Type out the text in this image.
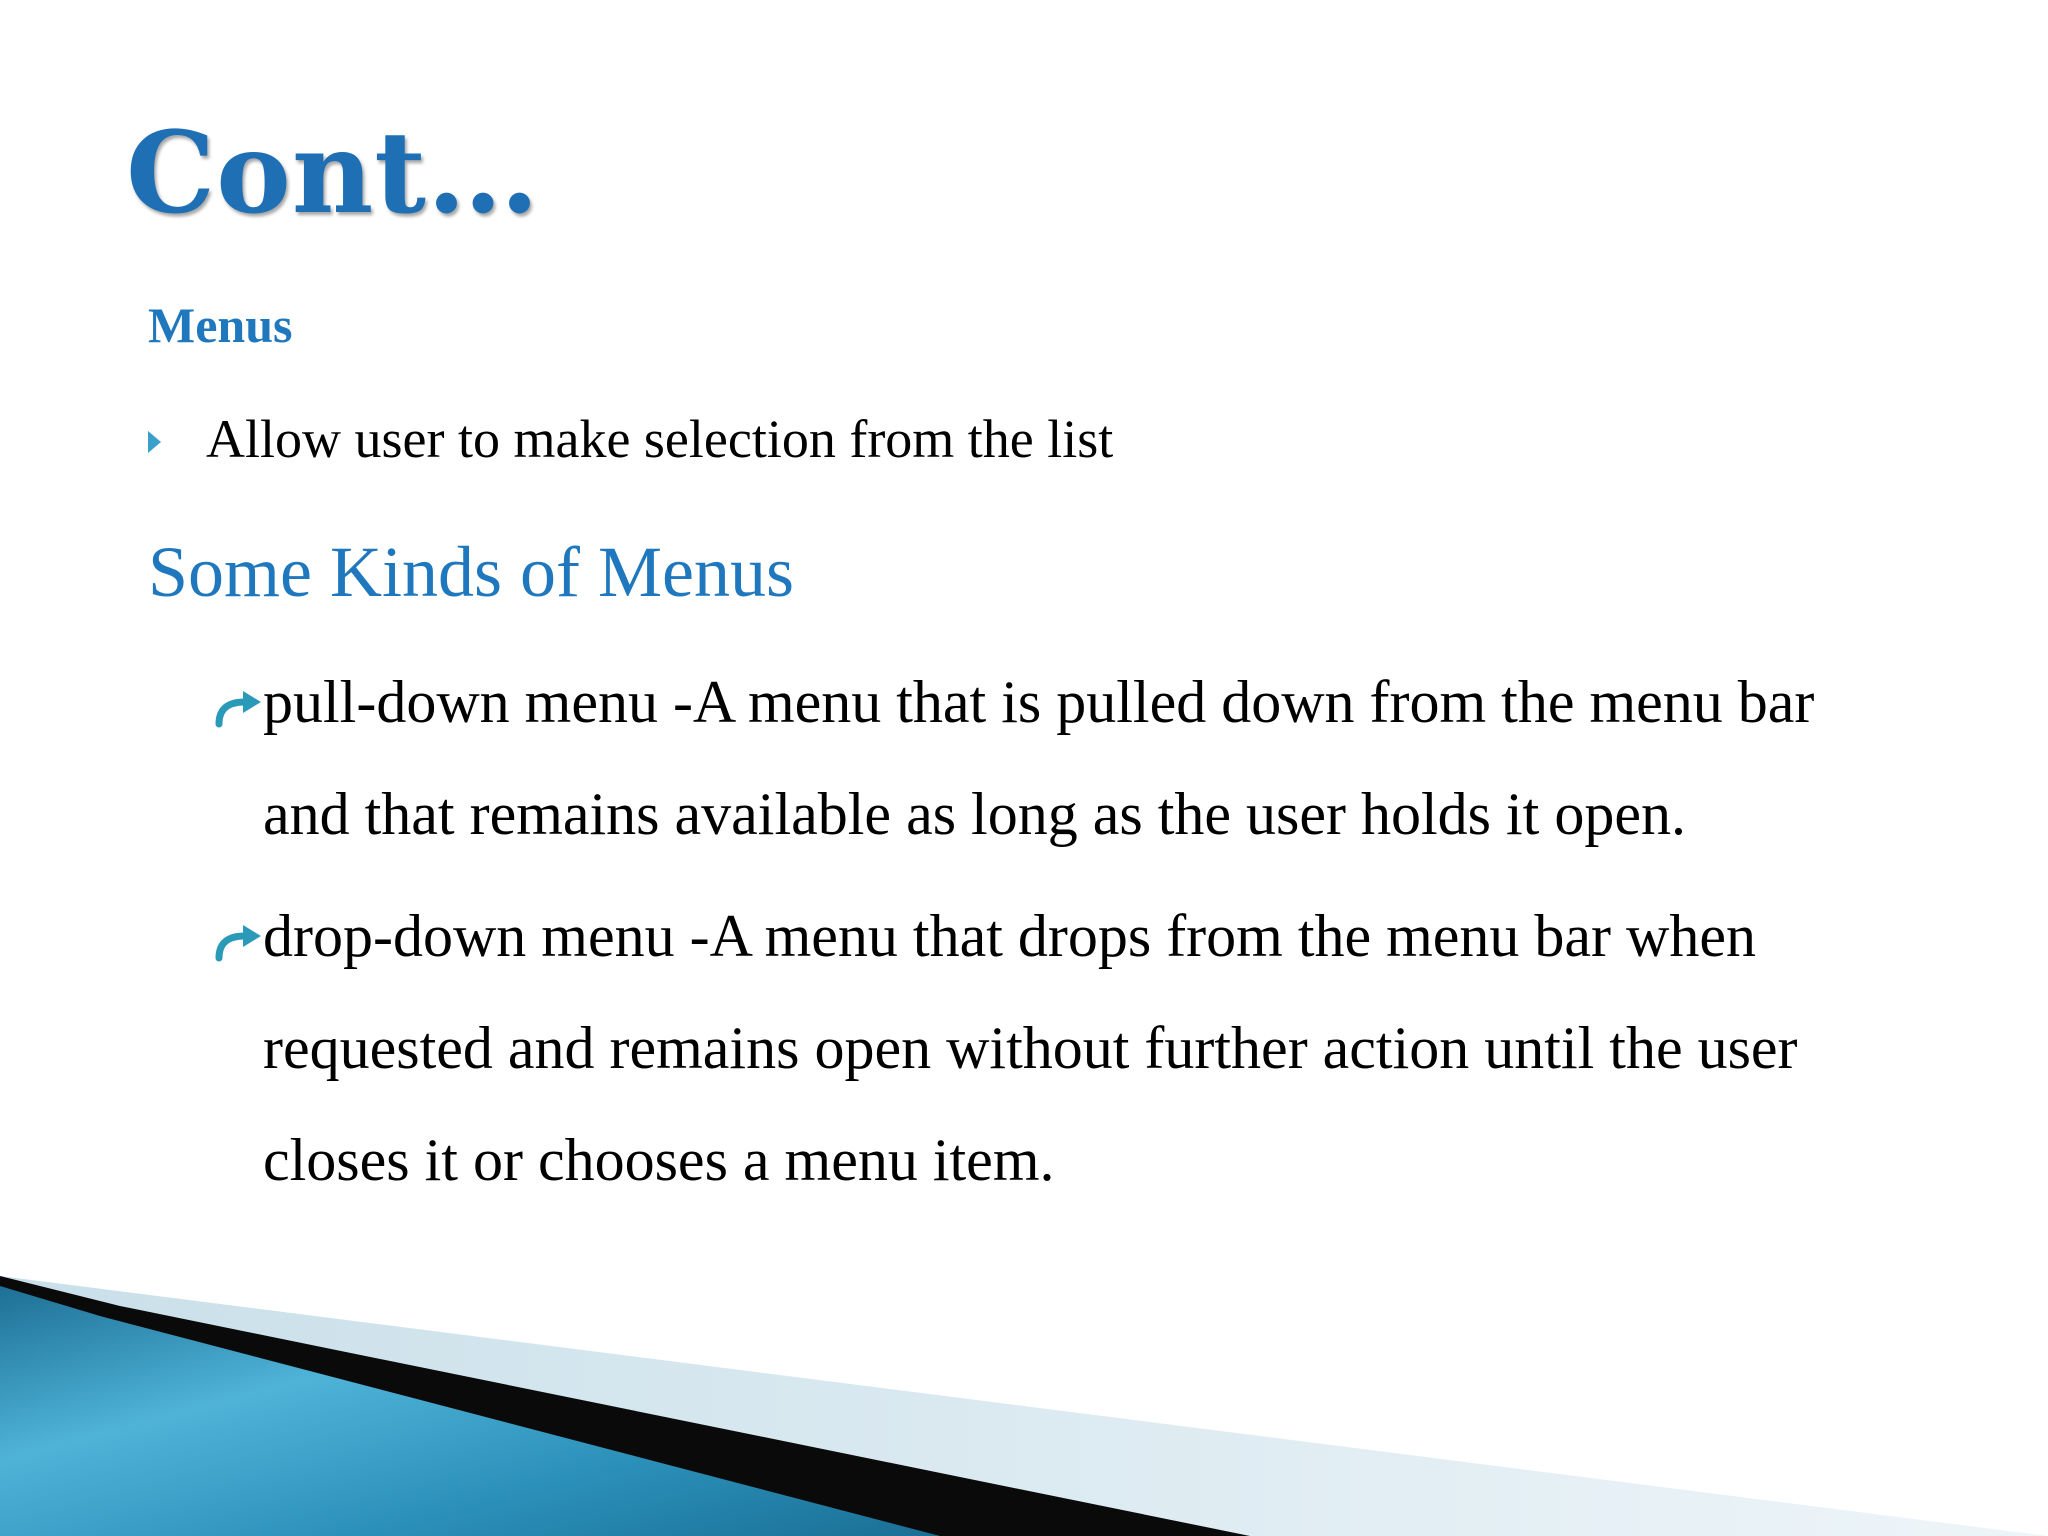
Cont…
Menus
Allow user to make selection from the list
Some Kinds of Menus
pull-down menu -A menu that is pulled down from the menu bar
and that remains available as long as the user holds it open.
drop-down menu -A menu that drops from the menu bar when
requested and remains open without further action until the user
closes it or chooses a menu item.
